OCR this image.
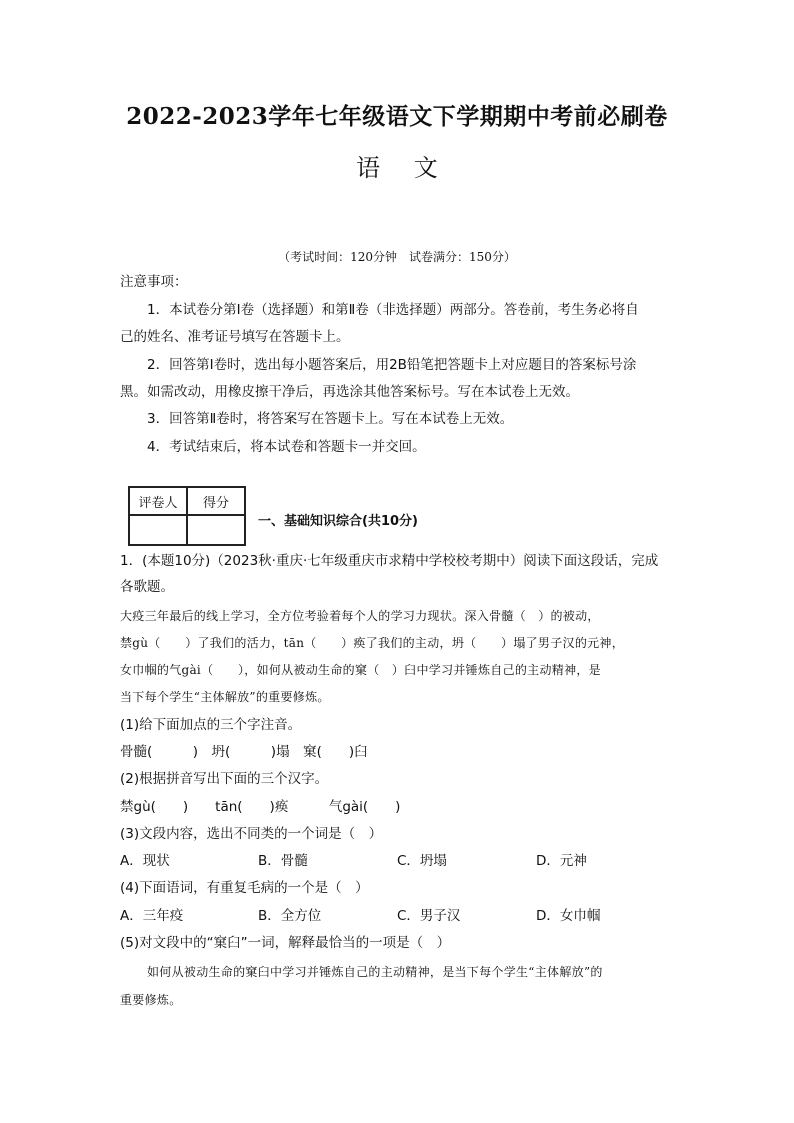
2022-2023学年七年级语文下学期期中考前必刷卷
语 文
（考试时间：120分钟　试卷满分：150分）
注意事项：
1．本试卷分第Ⅰ卷（选择题）和第Ⅱ卷（非选择题）两部分。答卷前，考生务必将自
己的姓名、准考证号填写在答题卡上。
2．回答第Ⅰ卷时，选出每小题答案后，用2B铅笔把答题卡上对应题目的答案标号涂
黑。如需改动，用橡皮擦干净后，再选涂其他答案标号。写在本试卷上无效。
3．回答第Ⅱ卷时，将答案写在答题卡上。写在本试卷上无效。
4．考试结束后，将本试卷和答题卡一并交回。
评卷人	得分

一、基础知识综合(共10分)
1．(本题10分)（2023秋·重庆·七年级重庆市求精中学校校考期中）阅读下面这段话，完成
各歌题。
大疫三年最后的线上学习，全方位考验着每个人的学习力现状。深入骨髓（　）的被动，
禁gù（　　）了我们的活力，tān（　　）痪了我们的主动，坍（　　）塌了男子汉的元神，
女巾帼的气gài（　　），如何从被动生命的窠（　）臼中学习并锤炼自己的主动精神，是
当下每个学生“主体解放”的重要修炼。
(1)给下面加点的三个字注音。
骨髓(　　　)　坍(　　　)塌　窠(　　)臼
(2)根据拼音写出下面的三个汉字。
禁gù(　　)　　tān(　　)痪　　　气gài(　　)
(3)文段内容，选出不同类的一个词是（　）
A．现状	B．骨髓	C．坍塌	D．元神
(4)下面语词，有重复毛病的一个是（　）
A．三年疫	B．全方位	C．男子汉	D．女巾帼
(5)对文段中的“窠臼”一词，解释最恰当的一项是（　）
如何从被动生命的窠臼中学习并锤炼自己的主动精神，是当下每个学生“主体解放”的
重要修炼。
